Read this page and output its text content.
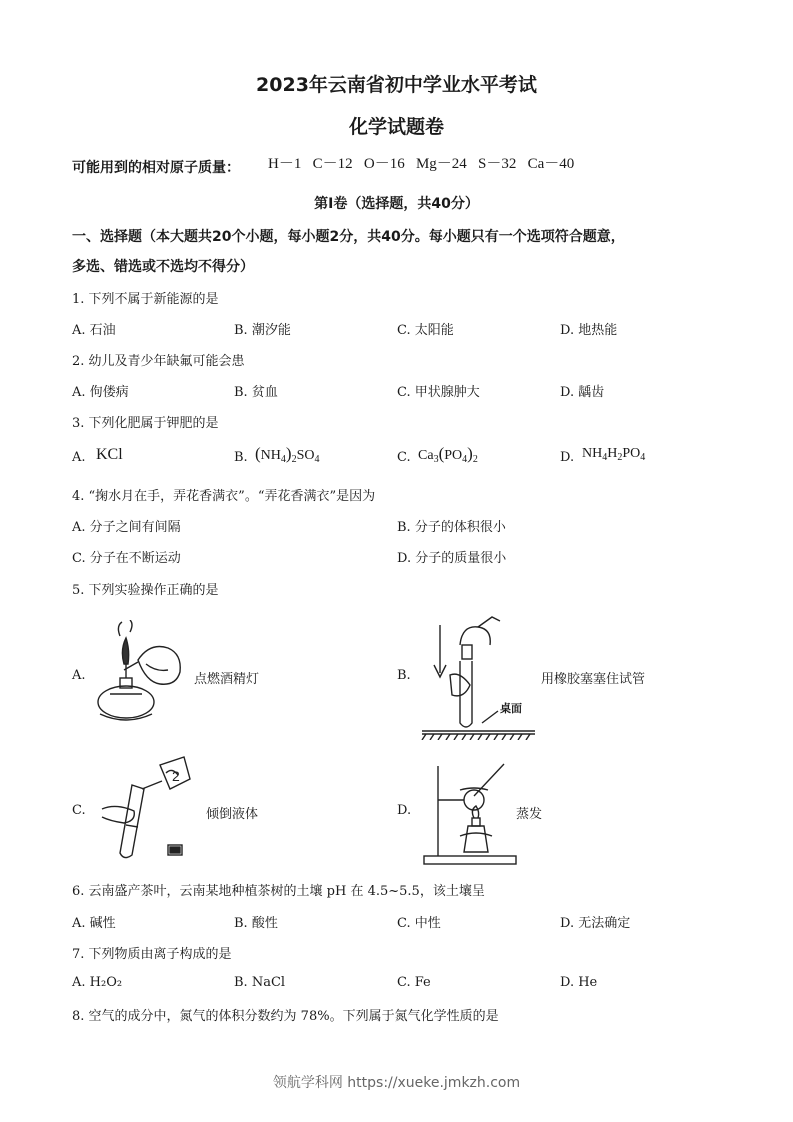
2023年云南省初中学业水平考试
化学试题卷
可能用到的相对原子质量： H－1 C－12 O－16 Mg－24 S－32 Ca－40
第Ⅰ卷（选择题，共40分）
一、选择题（本大题共20个小题，每小题2分，共40分。每小题只有一个选项符合题意，
多选、错选或不选均不得分）
1. 下列不属于新能源的是
A. 石油	B. 潮汐能	C. 太阳能	D. 地热能
2. 幼儿及青少年缺氟可能会患
A. 佝偻病	B. 贫血	C. 甲状腺肿大	D. 龋齿
3. 下列化肥属于钾肥的是
A. KCl	B. $(NH_4)_2SO_4$	C. $Ca_3(PO_4)_2$	D. $NH_4H_2PO_4$
4. “掬水月在手，弄花香满衣”。“弄花香满衣”是因为
A. 分子之间有间隔	B. 分子的体积很小
C. 分子在不断运动	D. 分子的质量很小
5. 下列实验操作正确的是
A.	点燃酒精灯	B.
桌面
用橡胶塞塞住试管
C.
2
倾倒液体	D.	蒸发
6. 云南盛产茶叶，云南某地种植茶树的土壤 pH 在 4.5~5.5，该土壤呈
A. 碱性	B. 酸性	C. 中性	D. 无法确定
7. 下列物质由离子构成的是
A. H₂O₂	B. NaCl	C. Fe	D. He
8. 空气的成分中，氮气的体积分数约为 78%。下列属于氮气化学性质的是
领航学科网 https://xueke.jmkzh.com
